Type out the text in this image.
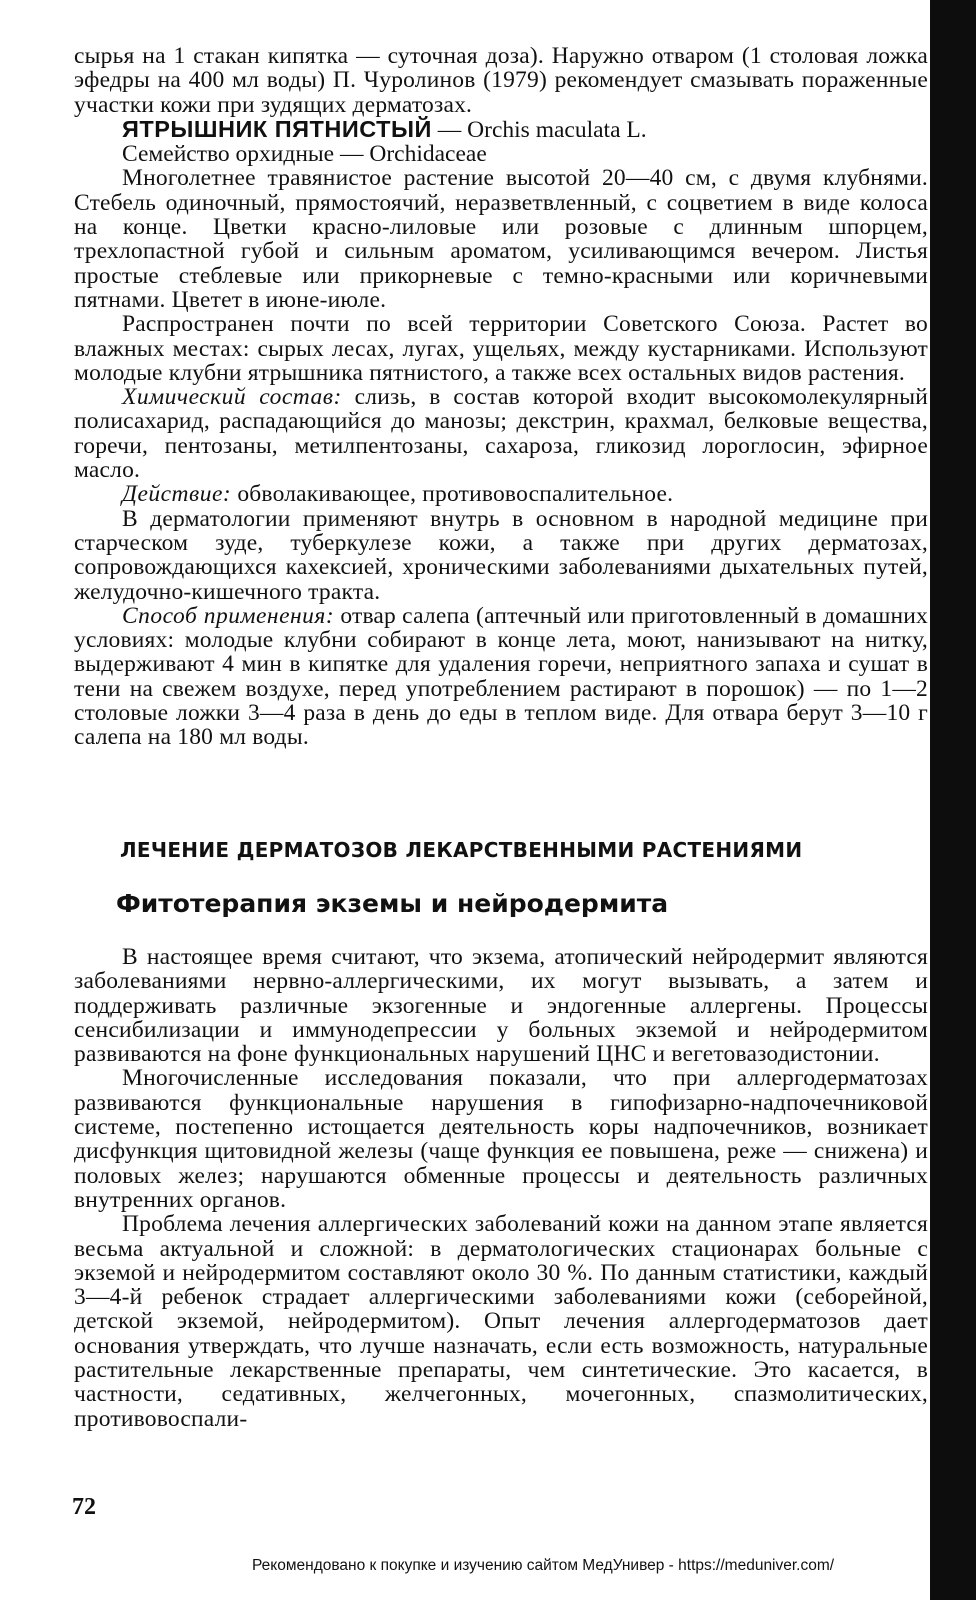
сырья на 1 стакан кипятка — суточная доза). Наружно отваром (1 столовая ложка эфедры на 400 мл воды) П. Чуролинов (1979) рекомендует смазывать пораженные участки кожи при зудящих дерматозах.

ЯТРЫШНИК ПЯТНИСТЫЙ — Orchis maculata L.

Семейство орхидные — Orchidaceae

Многолетнее травянистое растение высотой 20—40 см, с двумя клубнями. Стебель одиночный, прямостоячий, неразветвленный, с соцветием в виде колоса на конце. Цветки красно-лиловые или розовые с длинным шпорцем, трехлопастной губой и сильным ароматом, усиливающимся вечером. Листья простые стеблевые или прикорневые с темно-красными или коричневыми пятнами. Цветет в июне-июле.

Распространен почти по всей территории Советского Союза. Растет во влажных местах: сырых лесах, лугах, ущельях, между кустарниками. Используют молодые клубни ятрышника пятнистого, а также всех остальных видов растения.

Химический состав: слизь, в состав которой входит высокомолекулярный полисахарид, распадающийся до манозы; декстрин, крахмал, белковые вещества, горечи, пентозаны, метилпентозаны, сахароза, гликозид лороглосин, эфирное масло.

Действие: обволакивающее, противовоспалительное.

В дерматологии применяют внутрь в основном в народной медицине при старческом зуде, туберкулезе кожи, а также при других дерматозах, сопровождающихся кахексией, хроническими заболеваниями дыхательных путей, желудочно-кишечного тракта.

Способ применения: отвар салепа (аптечный или приготовленный в домашних условиях: молодые клубни собирают в конце лета, моют, нанизывают на нитку, выдерживают 4 мин в кипятке для удаления горечи, неприятного запаха и сушат в тени на свежем воздухе, перед употреблением растирают в порошок) — по 1—2 столовые ложки 3—4 раза в день до еды в теплом виде. Для отвара берут 3—10 г салепа на 180 мл воды.

ЛЕЧЕНИЕ ДЕРМАТОЗОВ ЛЕКАРСТВЕННЫМИ РАСТЕНИЯМИ
Фитотерапия экземы и нейродермита

В настоящее время считают, что экзема, атопический нейродермит являются заболеваниями нервно-аллергическими, их могут вызывать, а затем и поддерживать различные экзогенные и эндогенные аллергены. Процессы сенсибилизации и иммунодепрессии у больных экземой и нейродермитом развиваются на фоне функциональных нарушений ЦНС и вегетовазодистонии.

Многочисленные исследования показали, что при аллергодерматозах развиваются функциональные нарушения в гипофизарно-надпочечниковой системе, постепенно истощается деятельность коры надпочечников, возникает дисфункция щитовидной железы (чаще функция ее повышена, реже — снижена) и половых желез; нарушаются обменные процессы и деятельность различных внутренних органов.

Проблема лечения аллергических заболеваний кожи на данном этапе является весьма актуальной и сложной: в дерматологических стационарах больные с экземой и нейродермитом составляют около 30 %. По данным статистики, каждый 3—4-й ребенок страдает аллергическими заболеваниями кожи (себорейной, детской экземой, нейродермитом). Опыт лечения аллергодерматозов дает основания утверждать, что лучше назначать, если есть возможность, натуральные растительные лекарственные препараты, чем синтетические. Это касается, в частности, седативных, желчегонных, мочегонных, спазмолитических, противовоспали-

72
Рекомендовано к покупке и изучению сайтом МедУнивер - https://meduniver.com/
